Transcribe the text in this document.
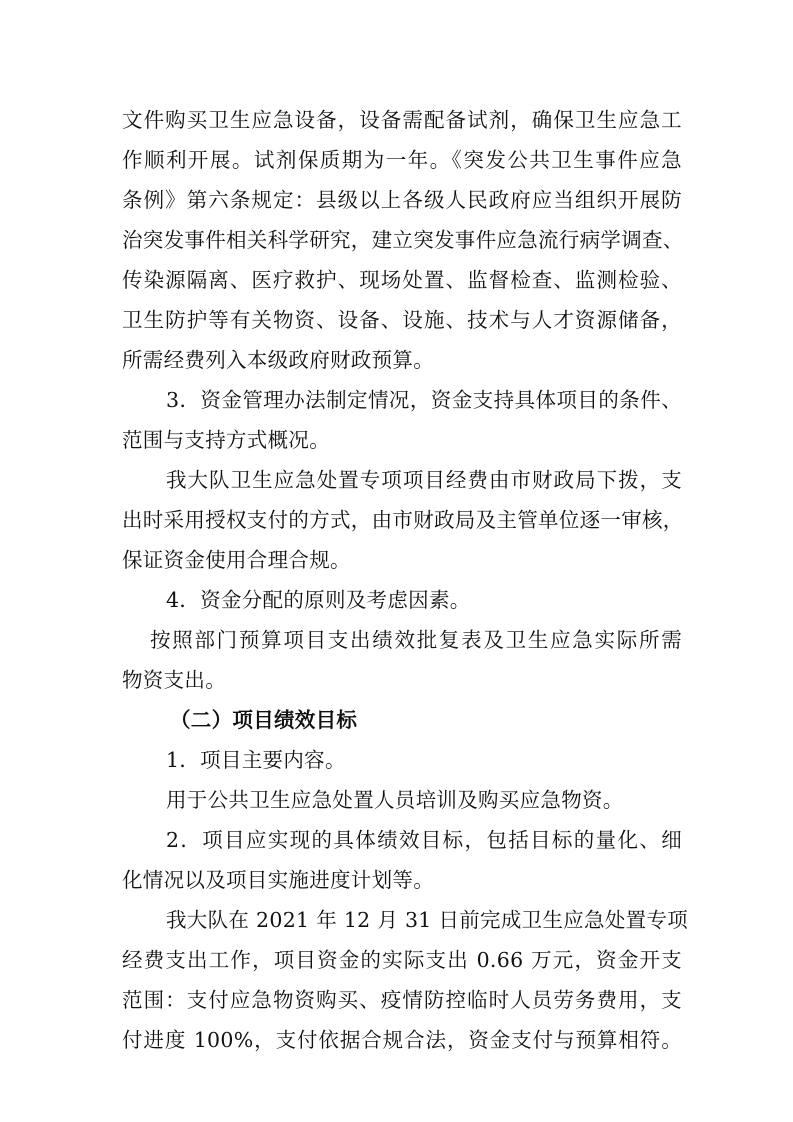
文件购买卫生应急设备，设备需配备试剂，确保卫生应急工
作顺利开展。试剂保质期为一年。《突发公共卫生事件应急
条例》第六条规定：县级以上各级人民政府应当组织开展防
治突发事件相关科学研究，建立突发事件应急流行病学调查、
传染源隔离、医疗救护、现场处置、监督检查、监测检验、
卫生防护等有关物资、设备、设施、技术与人才资源储备，
所需经费列入本级政府财政预算。
3．资金管理办法制定情况，资金支持具体项目的条件、
范围与支持方式概况。
我大队卫生应急处置专项项目经费由市财政局下拨，支
出时采用授权支付的方式，由市财政局及主管单位逐一审核，
保证资金使用合理合规。
4．资金分配的原则及考虑因素。
按照部门预算项目支出绩效批复表及卫生应急实际所需
物资支出。
（二）项目绩效目标
1．项目主要内容。
用于公共卫生应急处置人员培训及购买应急物资。
2．项目应实现的具体绩效目标，包括目标的量化、细
化情况以及项目实施进度计划等。
我大队在 2021 年 12 月 31 日前完成卫生应急处置专项
经费支出工作，项目资金的实际支出 0.66 万元，资金开支
范围：支付应急物资购买、疫情防控临时人员劳务费用，支
付进度 100%，支付依据合规合法，资金支付与预算相符。
